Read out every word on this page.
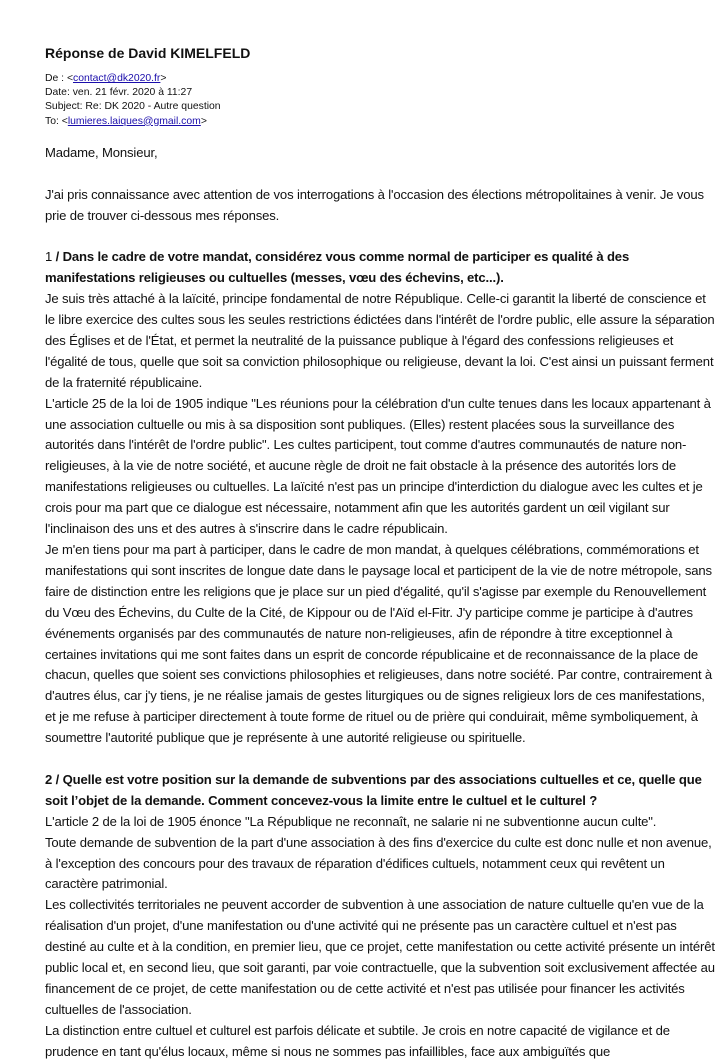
Réponse de David KIMELFELD
De : <contact@dk2020.fr>
Date: ven. 21 févr. 2020 à 11:27
Subject: Re: DK 2020 - Autre question
To: <lumieres.laiques@gmail.com>

Madame, Monsieur,

J'ai pris connaissance avec attention de vos interrogations à l'occasion des élections métropolitaines à venir. Je vous prie de trouver ci-dessous mes réponses.

1 / Dans le cadre de votre mandat, considérez vous comme normal de participer es qualité à des manifestations religieuses ou cultuelles (messes, vœu des échevins, etc...).

Je suis très attaché à la laïcité, principe fondamental de notre République. Celle-ci garantit la liberté de conscience et le libre exercice des cultes sous les seules restrictions édictées dans l'intérêt de l'ordre public, elle assure la séparation des Églises et de l'État, et permet la neutralité de la puissance publique à l'égard des confessions religieuses et l'égalité de tous, quelle que soit sa conviction philosophique ou religieuse, devant la loi. C'est ainsi un puissant ferment de la fraternité républicaine.

L'article 25 de la loi de 1905 indique "Les réunions pour la célébration d'un culte tenues dans les locaux appartenant à une association cultuelle ou mis à sa disposition sont publiques. (Elles) restent placées sous la surveillance des autorités dans l'intérêt de l'ordre public". Les cultes participent, tout comme d'autres communautés de nature non-religieuses, à la vie de notre société, et aucune règle de droit ne fait obstacle à la présence des autorités lors de manifestations religieuses ou cultuelles. La laïcité n'est pas un principe d'interdiction du dialogue avec les cultes et je crois pour ma part que ce dialogue est nécessaire, notamment afin que les autorités gardent un œil vigilant sur l'inclinaison des uns et des autres à s'inscrire dans le cadre républicain.

Je m'en tiens pour ma part à participer, dans le cadre de mon mandat, à quelques célébrations, commémorations et manifestations qui sont inscrites de longue date dans le paysage local et participent de la vie de notre métropole, sans faire de distinction entre les religions que je place sur un pied d'égalité, qu'il s'agisse par exemple du Renouvellement du Vœu des Échevins, du Culte de la Cité, de Kippour ou de l'Aïd el-Fitr. J'y participe comme je participe à d'autres événements organisés par des communautés de nature non-religieuses, afin de répondre à titre exceptionnel à certaines invitations qui me sont faites dans un esprit de concorde républicaine et de reconnaissance de la place de chacun, quelles que soient ses convictions philosophies et religieuses, dans notre société. Par contre, contrairement à d'autres élus, car j'y tiens, je ne réalise jamais de gestes liturgiques ou de signes religieux lors de ces manifestations, et je me refuse à participer directement à toute forme de rituel ou de prière qui conduirait, même symboliquement, à soumettre l'autorité publique que je représente à une autorité religieuse ou spirituelle.

2 / Quelle est votre position sur la demande de subventions par des associations cultuelles et ce, quelle que soit l’objet de la demande. Comment concevez-vous la limite entre le cultuel et le culturel ?

L'article 2 de la loi de 1905 énonce "La République ne reconnaît, ne salarie ni ne subventionne aucun culte".

Toute demande de subvention de la part d'une association à des fins d'exercice du culte est donc nulle et non avenue, à l'exception des concours pour des travaux de réparation d'édifices cultuels, notamment ceux qui revêtent un caractère patrimonial.

Les collectivités territoriales ne peuvent accorder de subvention à une association de nature cultuelle qu'en vue de la réalisation d'un projet, d'une manifestation ou d'une activité qui ne présente pas un caractère cultuel et n'est pas destiné au culte et à la condition, en premier lieu, que ce projet, cette manifestation ou cette activité présente un intérêt public local et, en second lieu, que soit garanti, par voie contractuelle, que la subvention soit exclusivement affectée au financement de ce projet, de cette manifestation ou de cette activité et n'est pas utilisée pour financer les activités cultuelles de l'association.

La distinction entre cultuel et culturel est parfois délicate et subtile. Je crois en notre capacité de vigilance et de prudence en tant qu'élus locaux, même si nous ne sommes pas infaillibles, face aux ambiguïtés que
